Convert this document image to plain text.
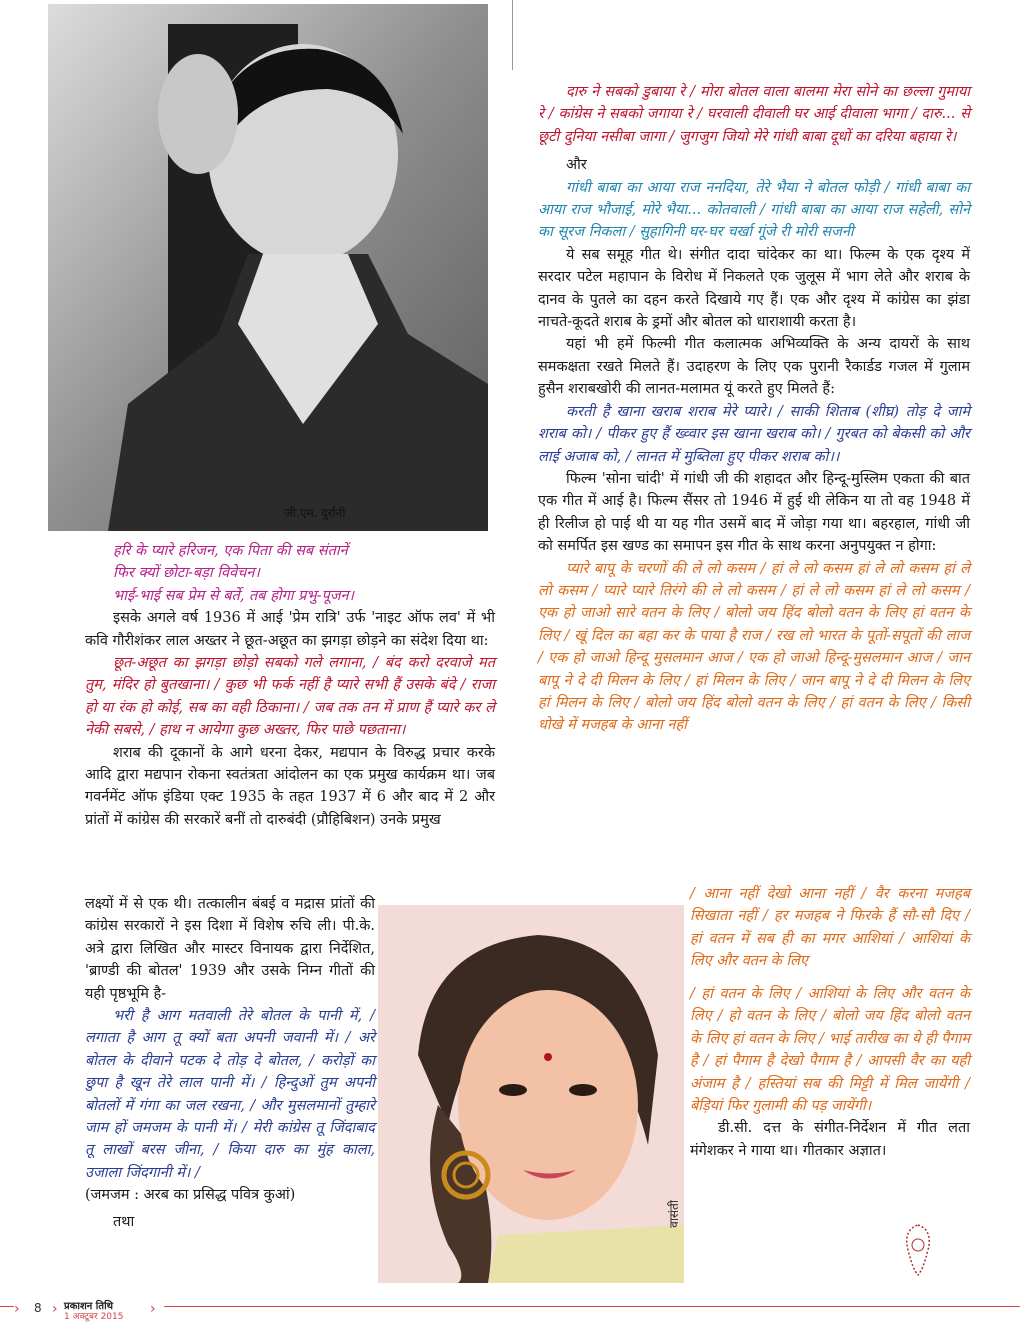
जी.एम. दुर्रानी

हरि के प्यारे हरिजन, एक पिता की सब संतानें

फिर क्यों छोटा-बड़ा विवेचन।

भाई-भाई सब प्रेम से बर्ते, तब होगा प्रभु-पूजन।

इसके अगले वर्ष 1936 में आई 'प्रेम रात्रि' उर्फ 'नाइट ऑफ लव' में भी कवि गौरीशंकर लाल अख्तर ने छूत-अछूत का झगड़ा छोड़ने का संदेश दिया था:

छूत-अछूत का झगड़ा छोड़ो सबको गले लगाना, / बंद करो दरवाजे मत तुम, मंदिर हो बुतखाना। / कुछ भी फर्क नहीं है प्यारे सभी हैं उसके बंदे / राजा हो या रंक हो कोई, सब का वही ठिकाना। / जब तक तन में प्राण हैं प्यारे कर ले नेकी सबसे, / हाथ न आयेगा कुछ अख्तर, फिर पाछे पछताना।

शराब की दूकानों के आगे धरना देकर, मद्यपान के विरुद्ध प्रचार करके आदि द्वारा मद्यपान रोकना स्वतंत्रता आंदोलन का एक प्रमुख कार्यक्रम था। जब गवर्नमेंट ऑफ इंडिया एक्ट 1935 के तहत 1937 में 6 और बाद में 2 और प्रांतों में कांग्रेस की सरकारें बनीं तो दारुबंदी (प्रौहिबिशन) उनके प्रमुख

लक्ष्यों में से एक थी। तत्कालीन बंबई व मद्रास प्रांतों की कांग्रेस सरकारों ने इस दिशा में विशेष रुचि ली। पी.के. अत्रे द्वारा लिखित और मास्टर विनायक द्वारा निर्देशित, 'ब्राण्डी की बोतल' 1939 और उसके निम्न गीतों की यही पृष्ठभूमि है-

भरी है आग मतवाली तेरे बोतल के पानी में, / लगाता है आग तू क्यों बता अपनी जवानी में। / अरे बोतल के दीवाने पटक दे तोड़ दे बोतल, / करोड़ों का छुपा है खून तेरे लाल पानी में। / हिन्दुओं तुम अपनी बोतलों में गंगा का जल रखना, / और मुसलमानों तुम्हारे जाम हों जमजम के पानी में। / मेरी कांग्रेस तू जिंदाबाद तू लाखों बरस जीना, / किया दारु का मुंह काला, उजाला जिंदगानी में। /

(जमजम : अरब का प्रसिद्ध पवित्र कुआं)

तथा	वासंती

दारु ने सबको डुबाया रे / मोरा बोतल वाला बालमा मेरा सोने का छल्ला गुमाया रे / कांग्रेस ने सबको जगाया रे / घरवाली दीवाली घर आई दीवाला भागा / दारु... से छूटी दुनिया नसीबा जागा / जुगजुग जियो मेरे गांधी बाबा दूधों का दरिया बहाया रे।

और

गांधी बाबा का आया राज ननदिया, तेरे भैया ने बोतल फोड़ी / गांधी बाबा का आया राज भौजाई, मोरे भैया... कोतवाली / गांधी बाबा का आया राज सहेली, सोने का सूरज निकला / सुहागिनी घर-घर चर्खा गूंजे री मोरी सजनी

ये सब समूह गीत थे। संगीत दादा चांदेकर का था। फिल्म के एक दृश्य में सरदार पटेल महापान के विरोध में निकलते एक जुलूस में भाग लेते और शराब के दानव के पुतले का दहन करते दिखाये गए हैं। एक और दृश्य में कांग्रेस का झंडा नाचते-कूदते शराब के ड्रमों और बोतल को धाराशायी करता है।

यहां भी हमें फिल्मी गीत कलात्मक अभिव्यक्ति के अन्य दायरों के साथ समकक्षता रखते मिलते हैं। उदाहरण के लिए एक पुरानी रैकार्डड गजल में गुलाम हुसैन शराबखोरी की लानत-मलामत यूं करते हुए मिलते हैं:

करती है खाना खराब शराब मेरे प्यारे। / साकी शिताब (शीघ्र) तोड़ दे जामे शराब को। / पीकर हुए हैं ख्व्वार इस खाना खराब को। / गुरबत को बेकसी को और लाई अजाब को, / लानत में मुब्तिला हुए पीकर शराब को।।

फिल्म 'सोना चांदी' में गांधी जी की शहादत और हिन्दू-मुस्लिम एकता की बात एक गीत में आई है। फिल्म सैंसर तो 1946 में हुई थी लेकिन या तो वह 1948 में ही रिलीज हो पाई थी या यह गीत उसमें बाद में जोड़ा गया था। बहरहाल, गांधी जी को समर्पित इस खण्ड का समापन इस गीत के साथ करना अनुपयुक्त न होगा:

प्यारे बापू के चरणों की ले लो कसम / हां ले लो कसम हां ले लो कसम हां ले लो कसम / प्यारे प्यारे तिरंगे की ले लो कसम / हां ले लो कसम हां ले लो कसम / एक हो जाओ सारे वतन के लिए / बोलो जय हिंद बोलो वतन के लिए हां वतन के लिए / खूं दिल का बहा कर के पाया है राज / रख लो भारत के पूतों-सपूतों की लाज / एक हो जाओ हिन्दू मुसलमान आज / एक हो जाओ हिन्दू-मुसलमान आज / जान बापू ने दे दी मिलन के लिए / हां मिलन के लिए / जान बापू ने दे दी मिलन के लिए हां मिलन के लिए / बोलो जय हिंद बोलो वतन के लिए / हां वतन के लिए / किसी धोखे में मजहब के आना नहीं

/ आना नहीं देखो आना नहीं / वैर करना मजहब सिखाता नहीं / हर मजहब ने फिरके हैं सौ-सौ दिए / हां वतन में सब ही का मगर आशियां / आशियां के लिए और वतन के लिए

/ हां वतन के लिए / आशियां के लिए और वतन के लिए / हो वतन के लिए / बोलो जय हिंद बोलो वतन के लिए हां वतन के लिए / भाई तारीख का ये ही पैगाम है / हां पैगाम है देखो पैगाम है / आपसी वैर का यही अंजाम है / हस्तियां सब की मिट्टी में मिल जायेंगी / बेड़ियां फिर गुलामी की पड़ जायेंगी।

डी.सी. दत्त के संगीत-निर्देशन में गीत लता मंगेशकर ने गाया था। गीतकार अज्ञात।

› 8 › प्रकाशन तिथि
1 अक्टूबर 2015 ›
